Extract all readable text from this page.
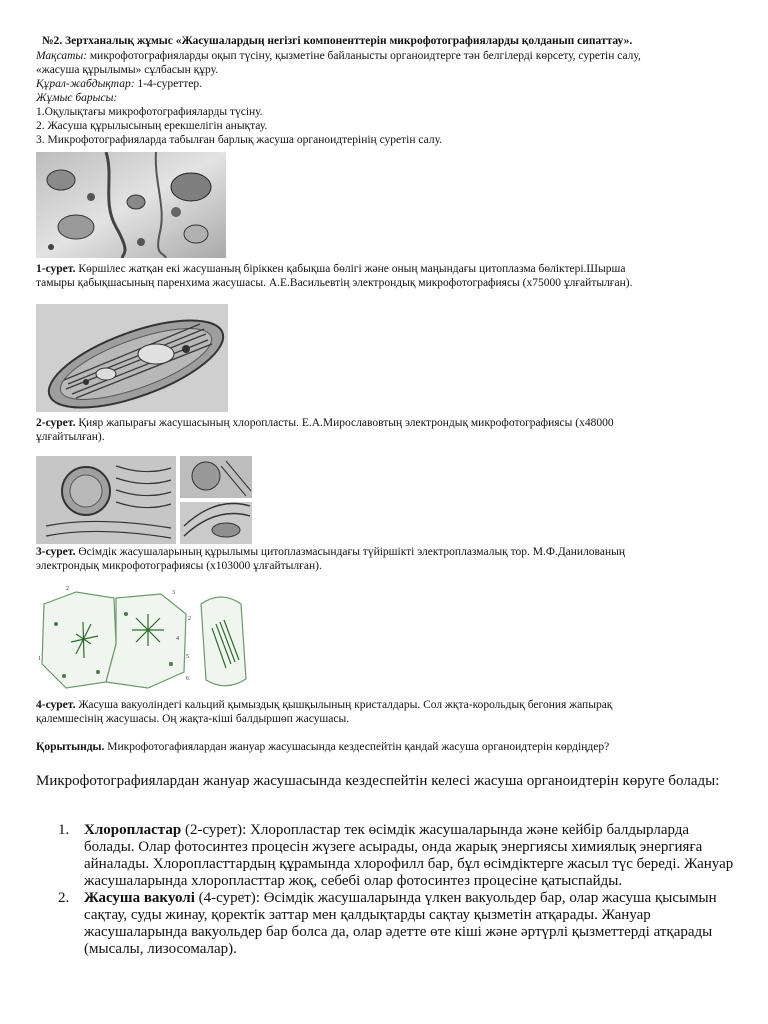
№2. Зертханалық жұмыс «Жасушалардың негізгі компоненттерін микрофотографияларды қолданып сипаттау».

Мақсаты: микрофотографияларды оқып түсіну, қызметіне байланысты органоидтерге тән белгілерді көрсету, суретін салу,

«жасуша құрылымы» сұлбасын құру.

Құрал-жабдықтар: 1-4-суреттер.

Жұмыс барысы:

1.Оқулықтағы микрофотографияларды түсіну.

2. Жасуша құрылысының ерекшелігін анықтау.

3. Микрофотографияларда табылған барлық жасуша органоидтерінің суретін салу.

1-сурет. Көршілес жатқан екі жасушаның біріккен қабықша бөлігі және оның маңындағы цитоплазма бөліктері.Шырша

тамыры қабықшасының паренхима жасушасы. А.Е.Васильевтің электрондық микрофотографиясы (х75000 ұлғайтылған).

2-сурет. Қияр жапырағы жасушасының хлоропласты. Е.А.Мирославовтың электрондық микрофотографиясы (х48000

ұлғайтылған).

3-сурет. Өсімдік жасушаларының құрылымы цитоплазмасындағы түйіршікті электроплазмалық тор. М.Ф.Данилованың

электрондық микрофотографиясы (х103000 ұлғайтылған).

2
1
3
2
4
5
6

4-сурет. Жасуша вакуоліндегі кальций қымыздық қышқылының кристалдары. Сол жқта-корольдық бегония жапырақ

қалемшесінің жасушасы. Оң жақта-кіші балдыршөп жасушасы.

Қорытынды. Микрофотогафиялардан жануар жасушасында кездеспейтін қандай жасуша органоидтерін көрдіңдер?

Микрофотографиялардан жануар жасушасында кездеспейтін келесі жасуша органоидтерін көруге болады:

1. Хлоропластар (2-сурет): Хлоропластар тек өсімдік жасушаларында және кейбір балдырларда болады. Олар фотосинтез процесін жүзеге асырады, онда жарық энергиясы химиялық энергияға айналады. Хлоропласттардың құрамында хлорофилл бар, бұл өсімдіктерге жасыл түс береді. Жануар жасушаларында хлоропласттар жоқ, себебі олар фотосинтез процесіне қатыспайды.
2. Жасуша вакуолі (4-сурет): Өсімдік жасушаларында үлкен вакуольдер бар, олар жасуша қысымын сақтау, суды жинау, қоректік заттар мен қалдықтарды сақтау қызметін атқарады. Жануар жасушаларында вакуольдер бар болса да, олар әдетте өте кіші және әртүрлі қызметтерді атқарады (мысалы, лизосомалар).
